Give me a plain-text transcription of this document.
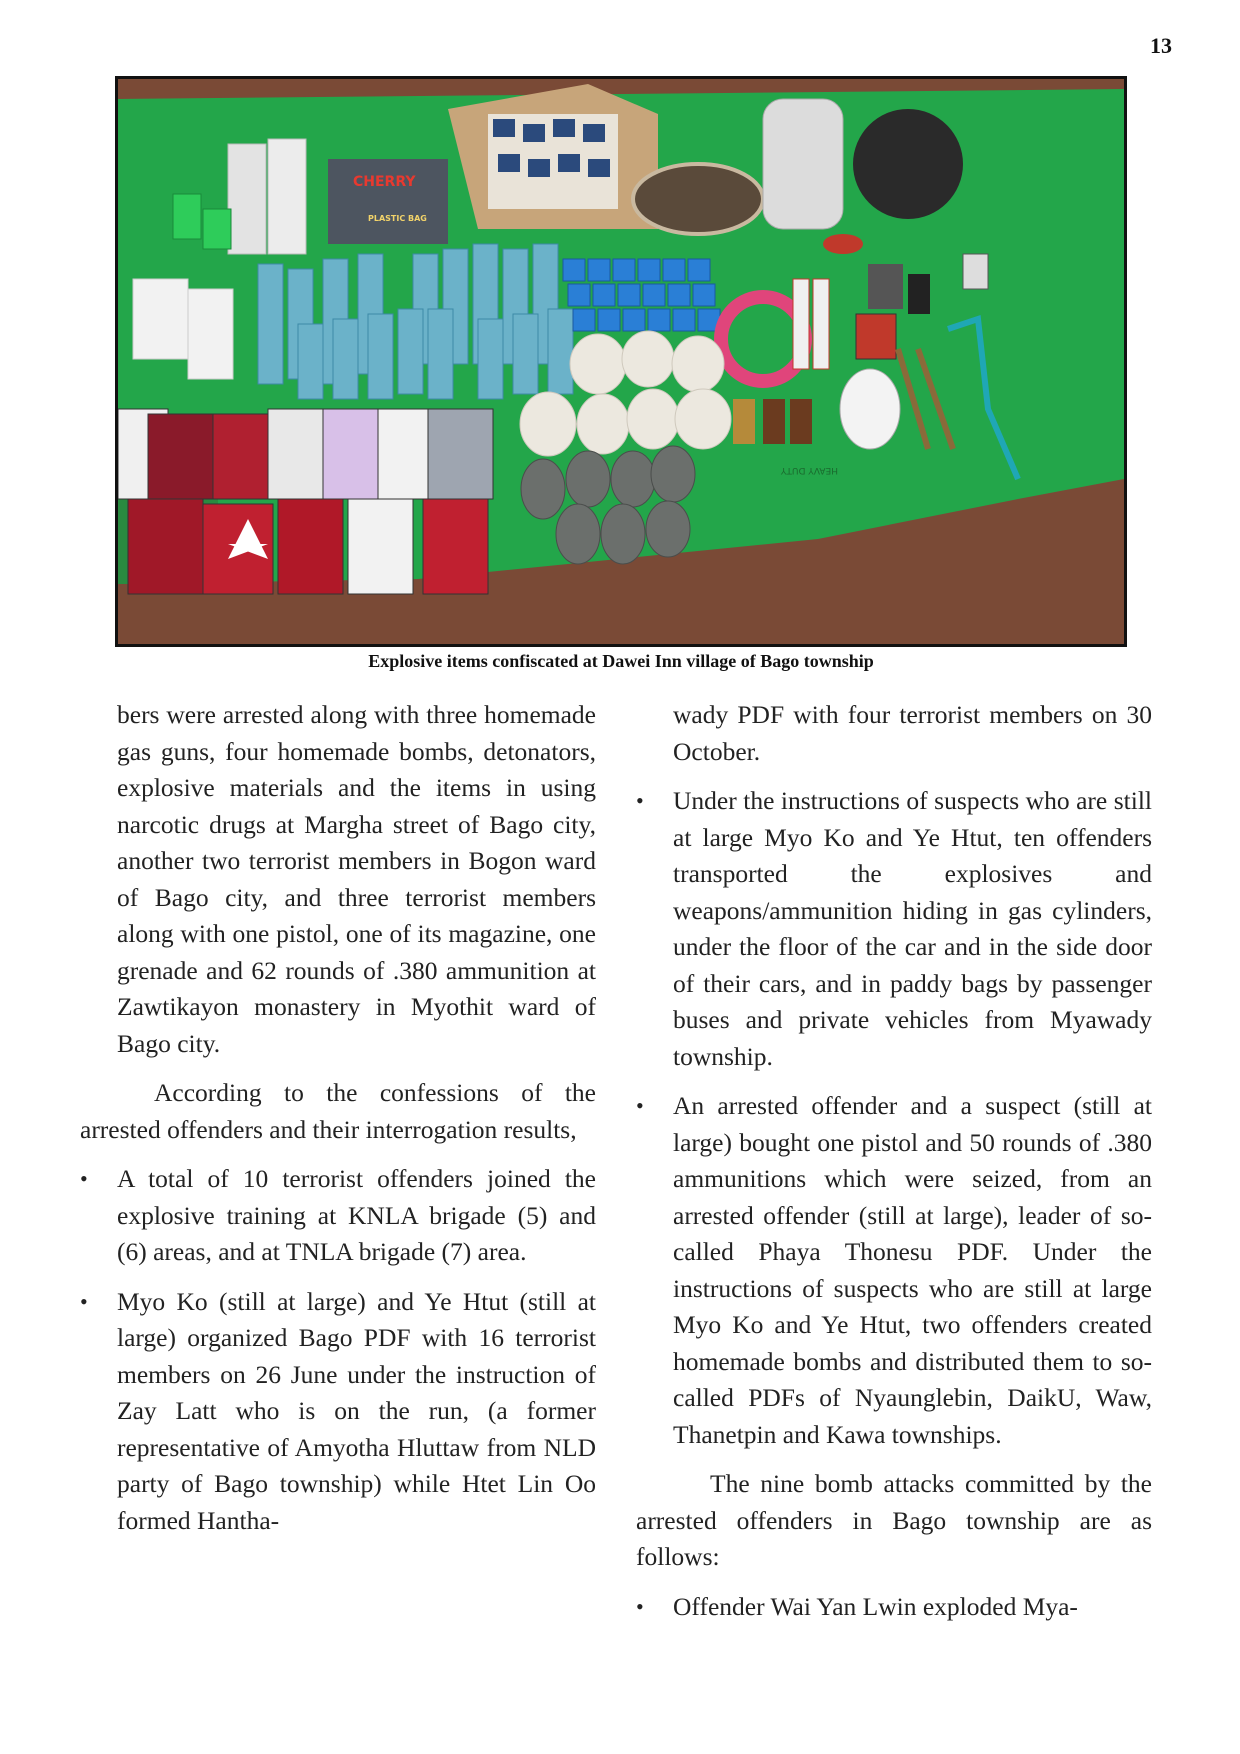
13
CHERRY
PLASTIC BAG
HEAVY DUTY
Explosive items confiscated at Dawei Inn village of Bago township

bers were arrested along with three homemade gas guns, four homemade bombs, detonators, explosive materials and the items in using narcotic drugs at Margha street of Bago city, another two terrorist members in Bogon ward of Bago city, and three terrorist members along with one pistol, one of its magazine, one grenade and 62 rounds of .380 ammunition at Zawtikayon monastery in Myothit ward of Bago city.

According to the confessions of the arrested offenders and their interrogation results,

• A total of 10 terrorist offenders joined the explosive training at KNLA brigade (5) and (6) areas, and at TNLA brigade (7) area.
• Myo Ko (still at large) and Ye Htut (still at large) organized Bago PDF with 16 terrorist members on 26 June under the instruction of Zay Latt who is on the run, (a former representative of Amyotha Hluttaw from NLD party of Bago township) while Htet Lin Oo formed Hantha-

wady PDF with four terrorist members on 30 October.

• Under the instructions of suspects who are still at large Myo Ko and Ye Htut, ten offenders transported the explosives and weapons/ammunition hiding in gas cylinders, under the floor of the car and in the side door of their cars, and in paddy bags by passenger buses and private vehicles from Myawady township.
• An arrested offender and a suspect (still at large) bought one pistol and 50 rounds of .380 ammunitions which were seized, from an arrested offender (still at large), leader of so-called Phaya Thonesu PDF. Under the instructions of suspects who are still at large Myo Ko and Ye Htut, two offenders created homemade bombs and distributed them to so-called PDFs of Nyaunglebin, DaikU, Waw, Thanetpin and Kawa townships.

The nine bomb attacks committed by the arrested offenders in Bago township are as follows:

• Offender Wai Yan Lwin exploded Mya-
